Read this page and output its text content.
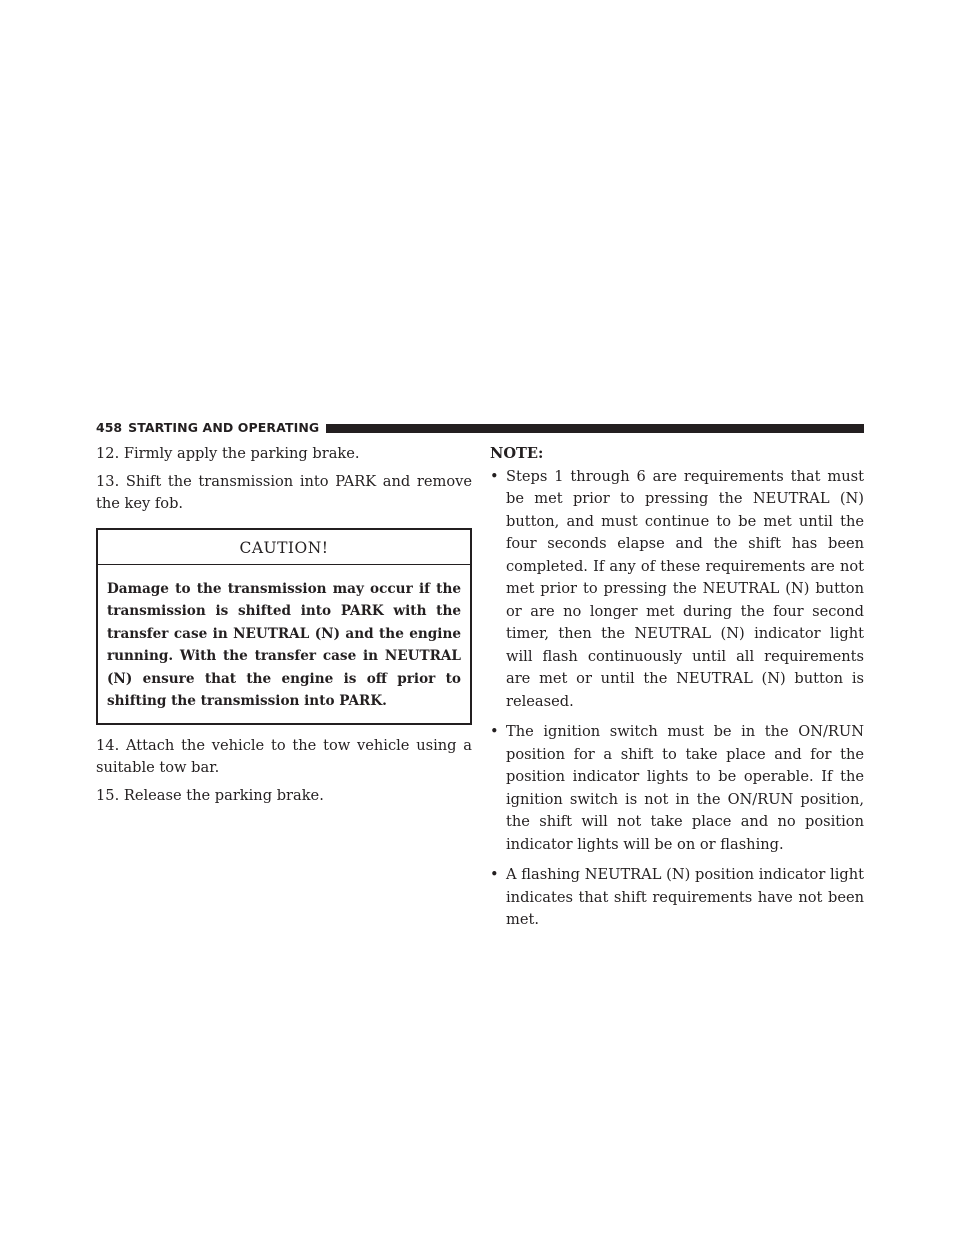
458 STARTING AND OPERATING

12. Firmly apply the parking brake.

13. Shift the transmission into PARK and remove the key fob.

CAUTION!

Damage to the transmission may occur if the transmission is shifted into PARK with the transfer case in NEUTRAL (N) and the engine running. With the transfer case in NEUTRAL (N) ensure that the engine is off prior to shifting the transmission into PARK.

14. Attach the vehicle to the tow vehicle using a suitable tow bar.

15. Release the parking brake.

NOTE:

• Steps 1 through 6 are requirements that must be met prior to pressing the NEUTRAL (N) button, and must continue to be met until the four seconds elapse and the shift has been completed. If any of these requirements are not met prior to pressing the NEUTRAL (N) button or are no longer met during the four second timer, then the NEUTRAL (N) indicator light will flash continuously until all requirements are met or until the NEUTRAL (N) button is released.
• The ignition switch must be in the ON/RUN position for a shift to take place and for the position indicator lights to be operable. If the ignition switch is not in the ON/RUN position, the shift will not take place and no position indicator lights will be on or flashing.
• A flashing NEUTRAL (N) position indicator light indicates that shift requirements have not been met.
